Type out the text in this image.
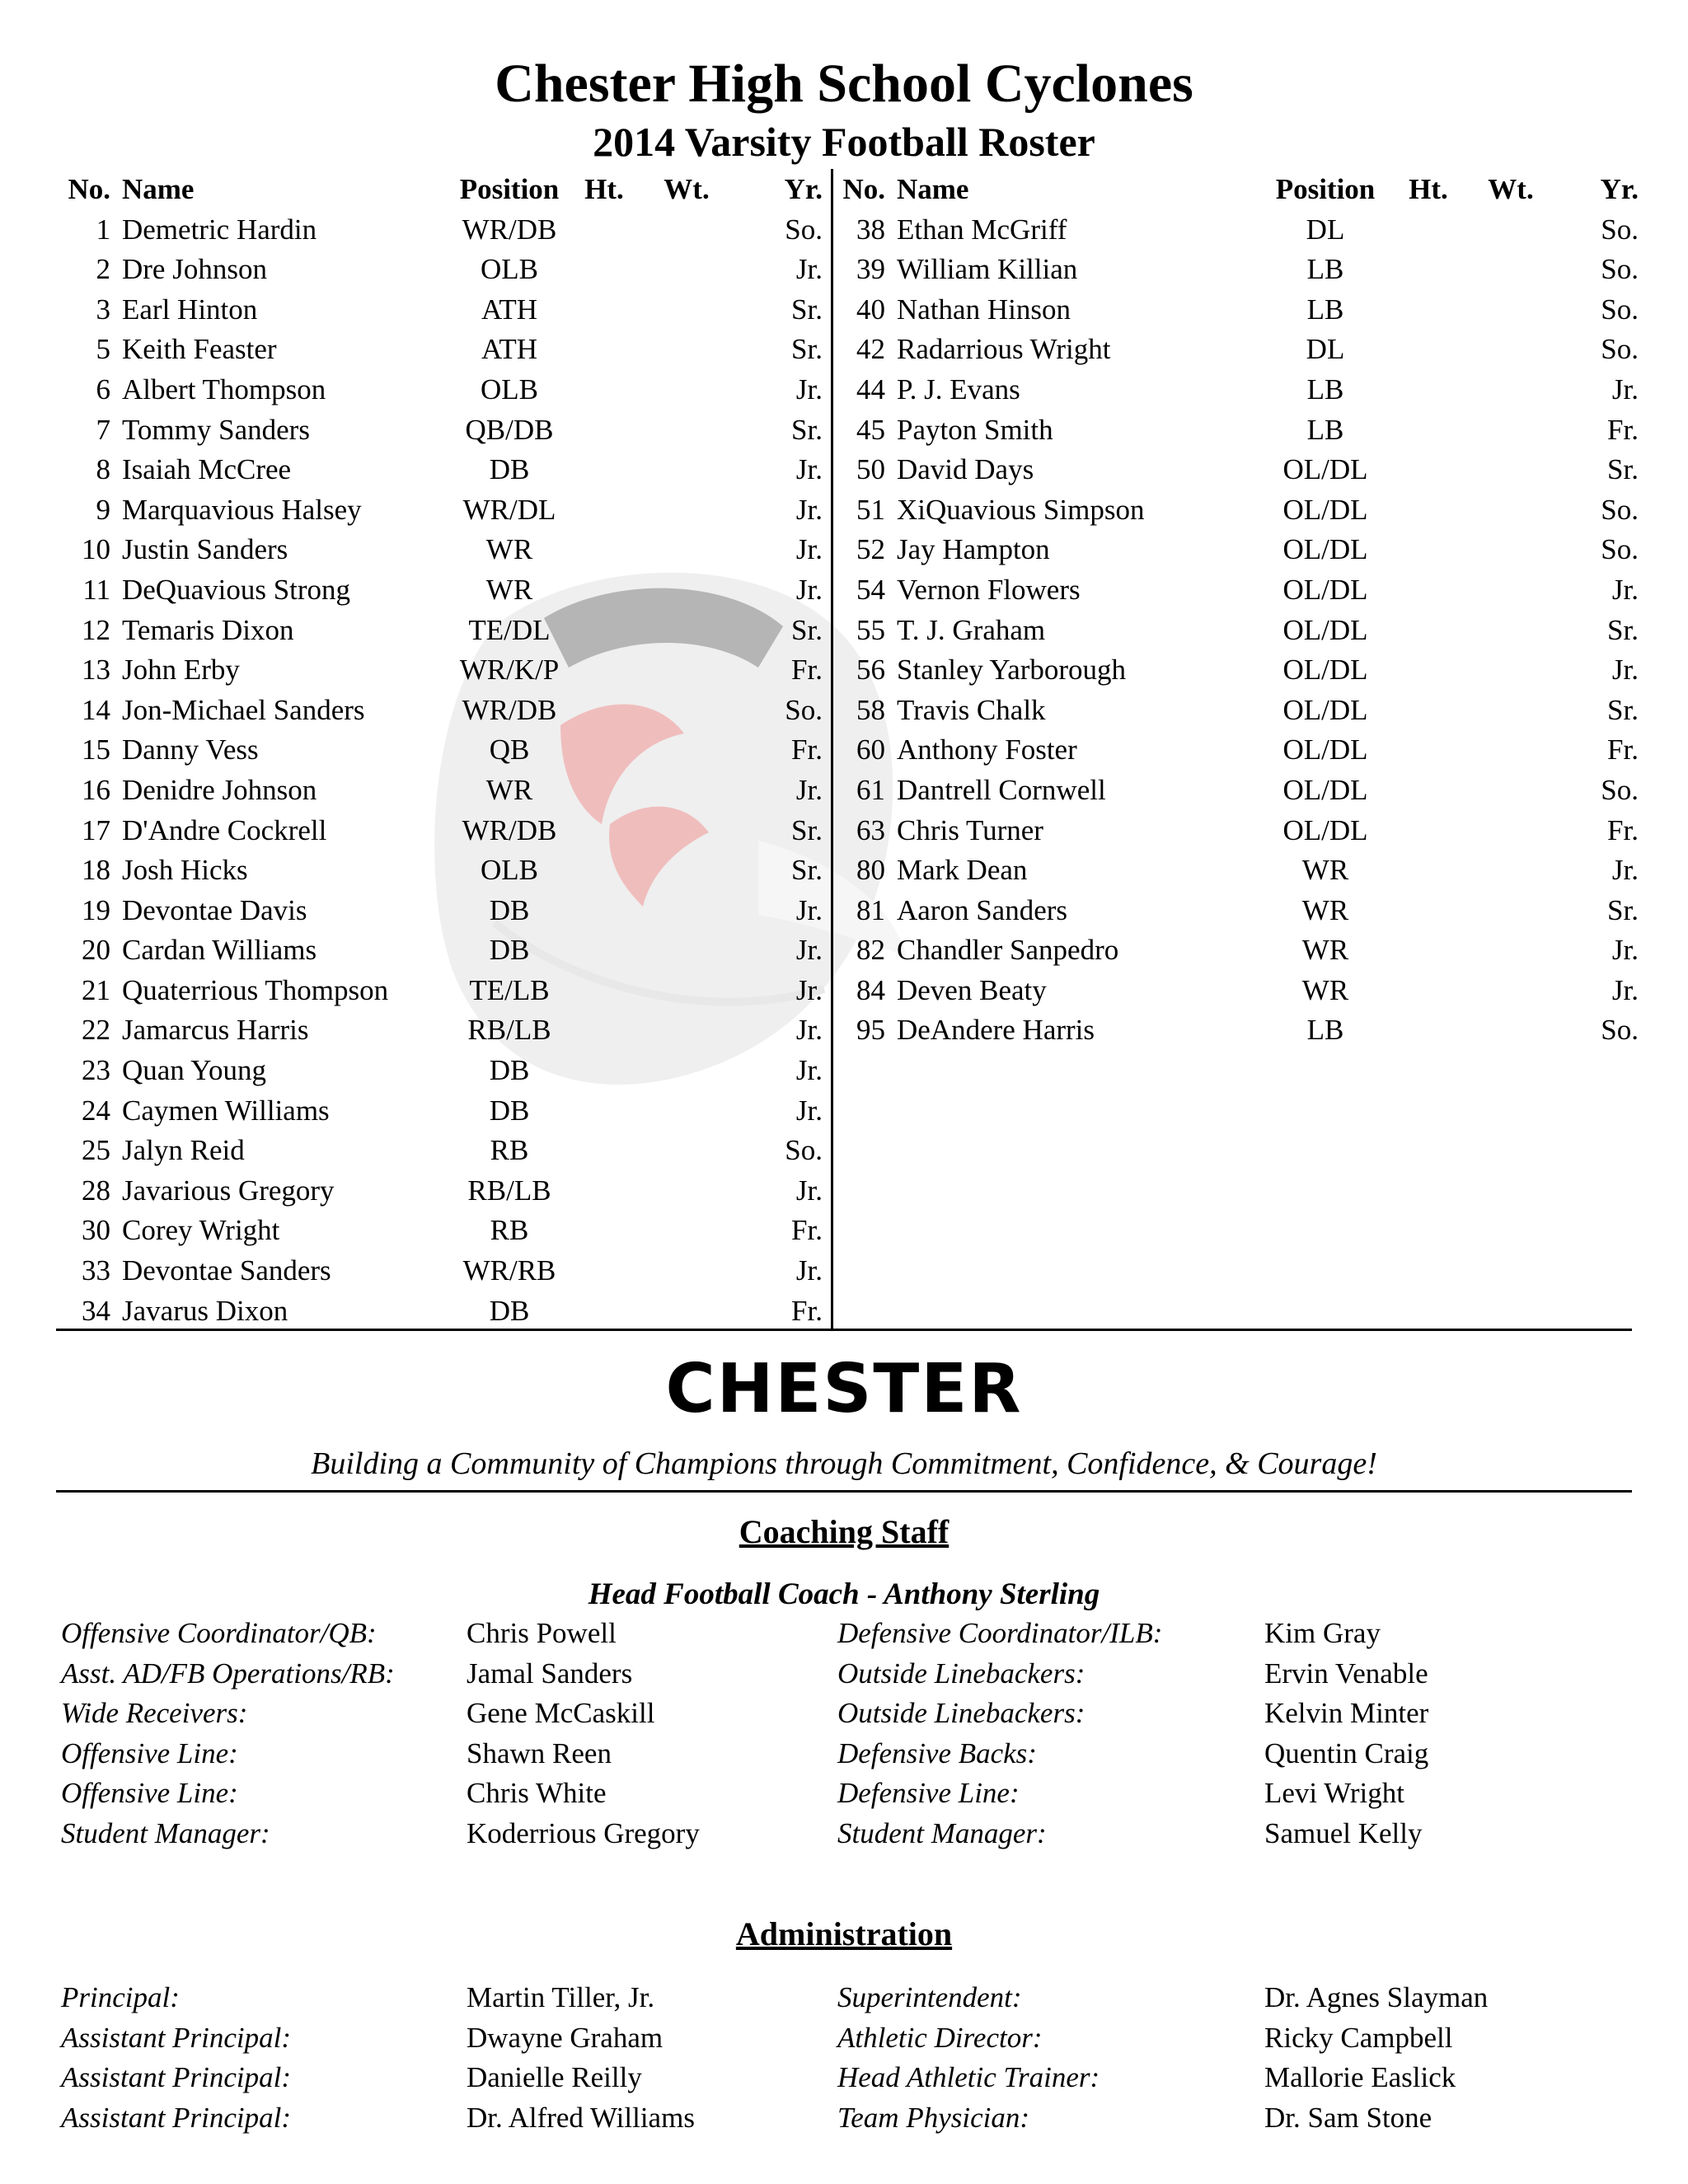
Chester High School Cyclones
2014 Varsity Football Roster
No.	Name	Position	Ht.	Wt.	Yr.
1	Demetric Hardin	WR/DB			So.
2	Dre Johnson	OLB			Jr.
3	Earl Hinton	ATH			Sr.
5	Keith Feaster	ATH			Sr.
6	Albert Thompson	OLB			Jr.
7	Tommy Sanders	QB/DB			Sr.
8	Isaiah McCree	DB			Jr.
9	Marquavious Halsey	WR/DL			Jr.
10	Justin Sanders	WR			Jr.
11	DeQuavious Strong	WR			Jr.
12	Temaris Dixon	TE/DL			Sr.
13	John Erby	WR/K/P			Fr.
14	Jon-Michael Sanders	WR/DB			So.
15	Danny Vess	QB			Fr.
16	Denidre Johnson	WR			Jr.
17	D'Andre Cockrell	WR/DB			Sr.
18	Josh Hicks	OLB			Sr.
19	Devontae Davis	DB			Jr.
20	Cardan Williams	DB			Jr.
21	Quaterrious Thompson	TE/LB			Jr.
22	Jamarcus Harris	RB/LB			Jr.
23	Quan Young	DB			Jr.
24	Caymen Williams	DB			Jr.
25	Jalyn Reid	RB			So.
28	Javarious Gregory	RB/LB			Jr.
30	Corey Wright	RB			Fr.
33	Devontae Sanders	WR/RB			Jr.
34	Javarus Dixon	DB			Fr.
No.	Name	Position	Ht.	Wt.	Yr.
38	Ethan McGriff	DL			So.
39	William Killian	LB			So.
40	Nathan Hinson	LB			So.
42	Radarrious Wright	DL			So.
44	P. J. Evans	LB			Jr.
45	Payton Smith	LB			Fr.
50	David Days	OL/DL			Sr.
51	XiQuavious Simpson	OL/DL			So.
52	Jay Hampton	OL/DL			So.
54	Vernon Flowers	OL/DL			Jr.
55	T. J. Graham	OL/DL			Sr.
56	Stanley Yarborough	OL/DL			Jr.
58	Travis Chalk	OL/DL			Sr.
60	Anthony Foster	OL/DL			Fr.
61	Dantrell Cornwell	OL/DL			So.
63	Chris Turner	OL/DL			Fr.
80	Mark Dean	WR			Jr.
81	Aaron Sanders	WR			Sr.
82	Chandler Sanpedro	WR			Jr.
84	Deven Beaty	WR			Jr.
95	DeAndere Harris	LB			So.
CHESTER
Building a Community of Champions through Commitment, Confidence, & Courage!
Coaching Staff
Head Football Coach - Anthony Sterling
Offensive Coordinator/QB:	Chris Powell	Defensive Coordinator/ILB:	Kim Gray
Asst. AD/FB Operations/RB: Jamal Sanders	Outside Linebackers:	Ervin Venable
Wide Receivers:	Gene McCaskill	Outside Linebackers:	Kelvin Minter
Offensive Line:	Shawn Reen	Defensive Backs:	Quentin Craig
Offensive Line:	Chris White	Defensive Line:	Levi Wright
Student Manager:	Koderrious Gregory	Student Manager:	Samuel Kelly
Administration
Principal:	Martin Tiller, Jr.	Superintendent:	Dr. Agnes Slayman
Assistant Principal:	Dwayne Graham	Athletic Director:	Ricky Campbell
Assistant Principal:	Danielle Reilly	Head Athletic Trainer:	Mallorie Easlick
Assistant Principal:	Dr. Alfred Williams	Team Physician:	Dr. Sam Stone
